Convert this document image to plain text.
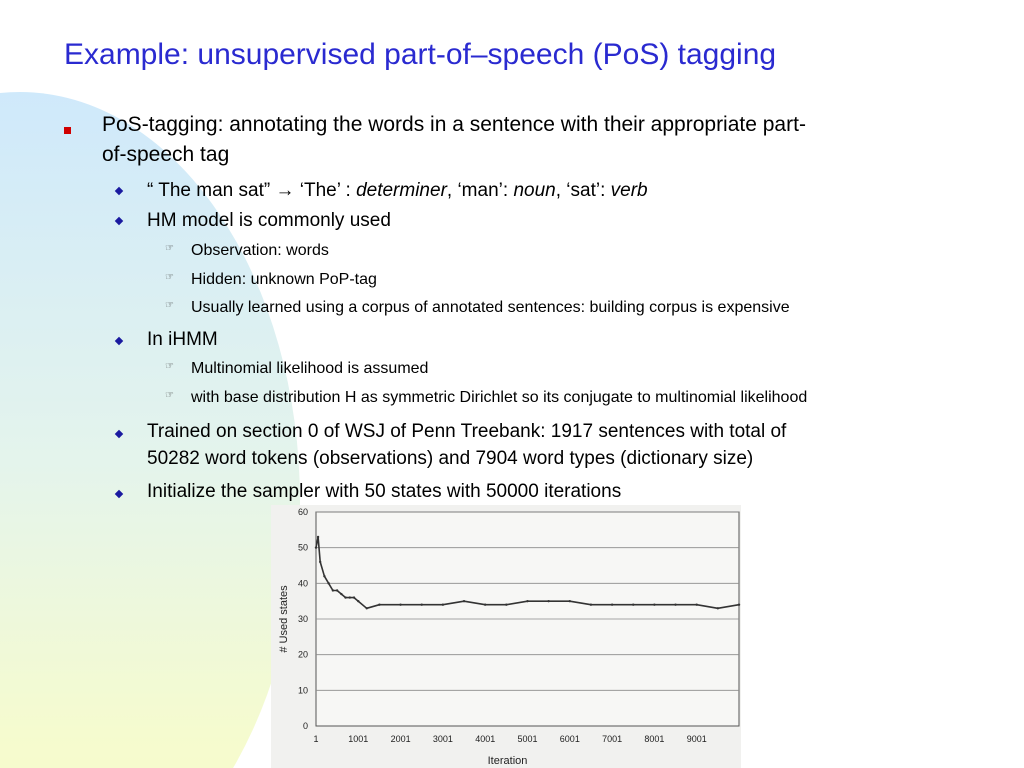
Example: unsupervised part-of–speech (PoS) tagging
PoS-tagging: annotating the words in a sentence with their appropriate part-
of-speech tag
“ The man sat” → ‘The’ : determiner, ‘man’: noun, ‘sat’: verb
HM model is commonly used
☞ Observation: words
☞ Hidden: unknown PoP-tag
☞ Usually learned using a corpus of annotated sentences: building corpus is expensive
In iHMM
☞ Multinomial likelihood is assumed
☞ with base distribution H as symmetric Dirichlet so its conjugate to multinomial likelihood
Trained on section 0 of WSJ of Penn Treebank: 1917 sentences with total of
50282 word tokens (observations) and 7904 word types (dictionary size)
Initialize the sampler with 50 states with 50000 iterations
0
10
20
30
40
50
60
1	1001 2001 3001 4001 5001 6001 7001 8001 9001
Iteration
# Used states
